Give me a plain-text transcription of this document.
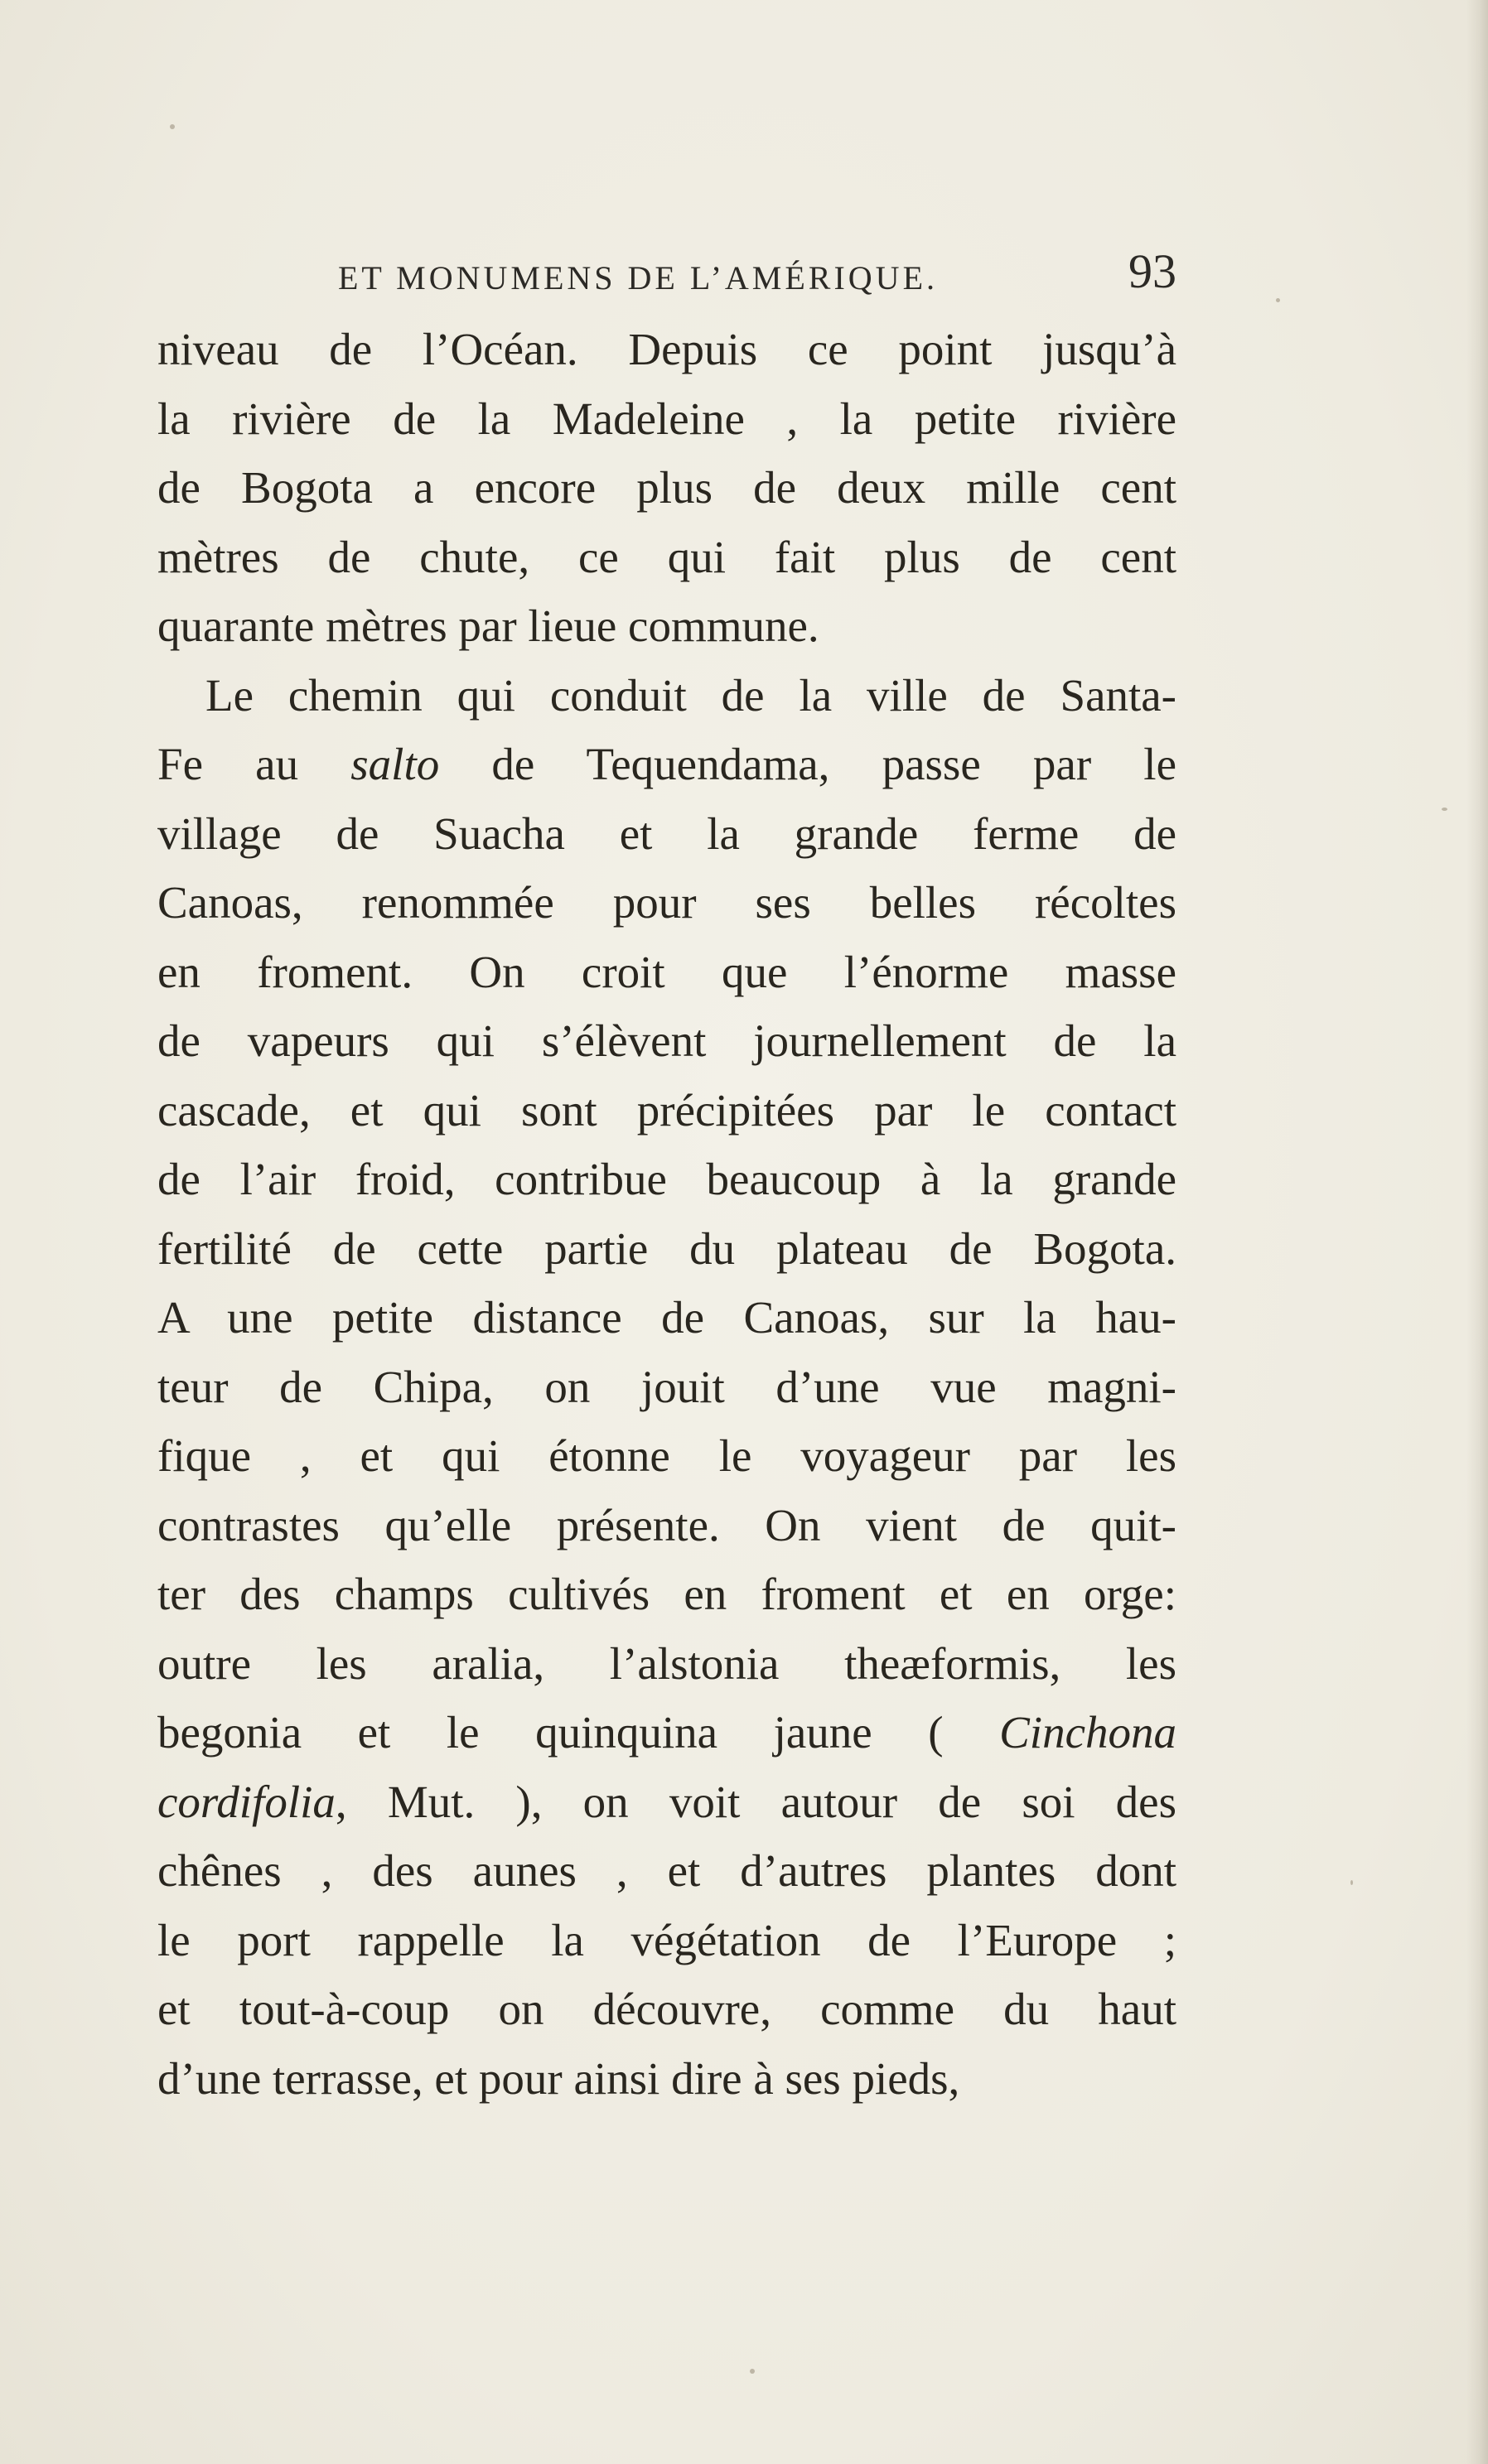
ET MONUMENS DE L’AMÉRIQUE.	93
niveau de l’Océan. Depuis ce point jusqu’à
la rivière de la Madeleine , la petite rivière
de Bogota a encore plus de deux mille cent
mètres de chute, ce qui fait plus de cent
quarante mètres par lieue commune.
Le chemin qui conduit de la ville de Santa-
Fe au salto de Tequendama, passe par le
village de Suacha et la grande ferme de
Canoas, renommée pour ses belles récoltes
en froment. On croit que l’énorme masse
de vapeurs qui s’élèvent journellement de la
cascade, et qui sont précipitées par le contact
de l’air froid, contribue beaucoup à la grande
fertilité de cette partie du plateau de Bogota.
A une petite distance de Canoas, sur la hau-
teur de Chipa, on jouit d’une vue magni-
fique , et qui étonne le voyageur par les
contrastes qu’elle présente. On vient de quit-
ter des champs cultivés en froment et en orge:
outre les aralia, l’alstonia theæformis, les
begonia et le quinquina jaune ( Cinchona
cordifolia, Mut. ), on voit autour de soi des
chênes , des aunes , et d’autres plantes dont
le port rappelle la végétation de l’Europe ;
et tout-à-coup on découvre, comme du haut
d’une terrasse, et pour ainsi dire à ses pieds,
